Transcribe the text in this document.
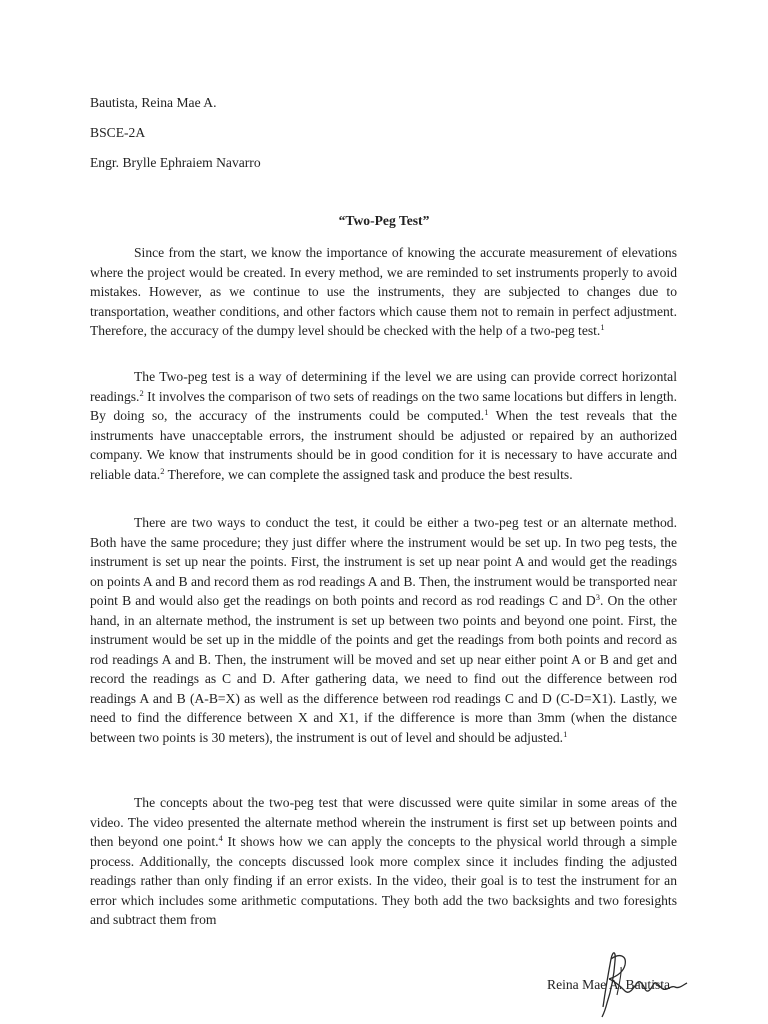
Bautista, Reina Mae A.

BSCE-2A

Engr. Brylle Ephraiem Navarro

“Two-Peg Test”

Since from the start, we know the importance of knowing the accurate measurement of elevations where the project would be created. In every method, we are reminded to set instruments properly to avoid mistakes. However, as we continue to use the instruments, they are subjected to changes due to transportation, weather conditions, and other factors which cause them not to remain in perfect adjustment. Therefore, the accuracy of the dumpy level should be checked with the help of a two-peg test.$^1$

The Two-peg test is a way of determining if the level we are using can provide correct horizontal readings.$^2$ It involves the comparison of two sets of readings on the two same locations but differs in length. By doing so, the accuracy of the instruments could be computed.$^1$ When the test reveals that the instruments have unacceptable errors, the instrument should be adjusted or repaired by an authorized company. We know that instruments should be in good condition for it is necessary to have accurate and reliable data.$^2$ Therefore, we can complete the assigned task and produce the best results.

There are two ways to conduct the test, it could be either a two-peg test or an alternate method. Both have the same procedure; they just differ where the instrument would be set up. In two peg tests, the instrument is set up near the points. First, the instrument is set up near point A and would get the readings on points A and B and record them as rod readings A and B. Then, the instrument would be transported near point B and would also get the readings on both points and record as rod readings C and $D^3$. On the other hand, in an alternate method, the instrument is set up between two points and beyond one point. First, the instrument would be set up in the middle of the points and get the readings from both points and record as rod readings A and B. Then, the instrument will be moved and set up near either point A or B and get and record the readings as C and D. After gathering data, we need to find out the difference between rod readings A and B (A-B=X) as well as the difference between rod readings C and D (C-D=X1). Lastly, we need to find the difference between X and X1, if the difference is more than 3mm (when the distance between two points is 30 meters), the instrument is out of level and should be adjusted.$^1$

The concepts about the two-peg test that were discussed were quite similar in some areas of the video. The video presented the alternate method wherein the instrument is first set up between points and then beyond one point.$^4$ It shows how we can apply the concepts to the physical world through a simple process. Additionally, the concepts discussed look more complex since it includes finding the adjusted readings rather than only finding if an error exists. In the video, their goal is to test the instrument for an error which includes some arithmetic computations. They both add the two backsights and two foresights and subtract them from

Reina Mae A. Bautista
